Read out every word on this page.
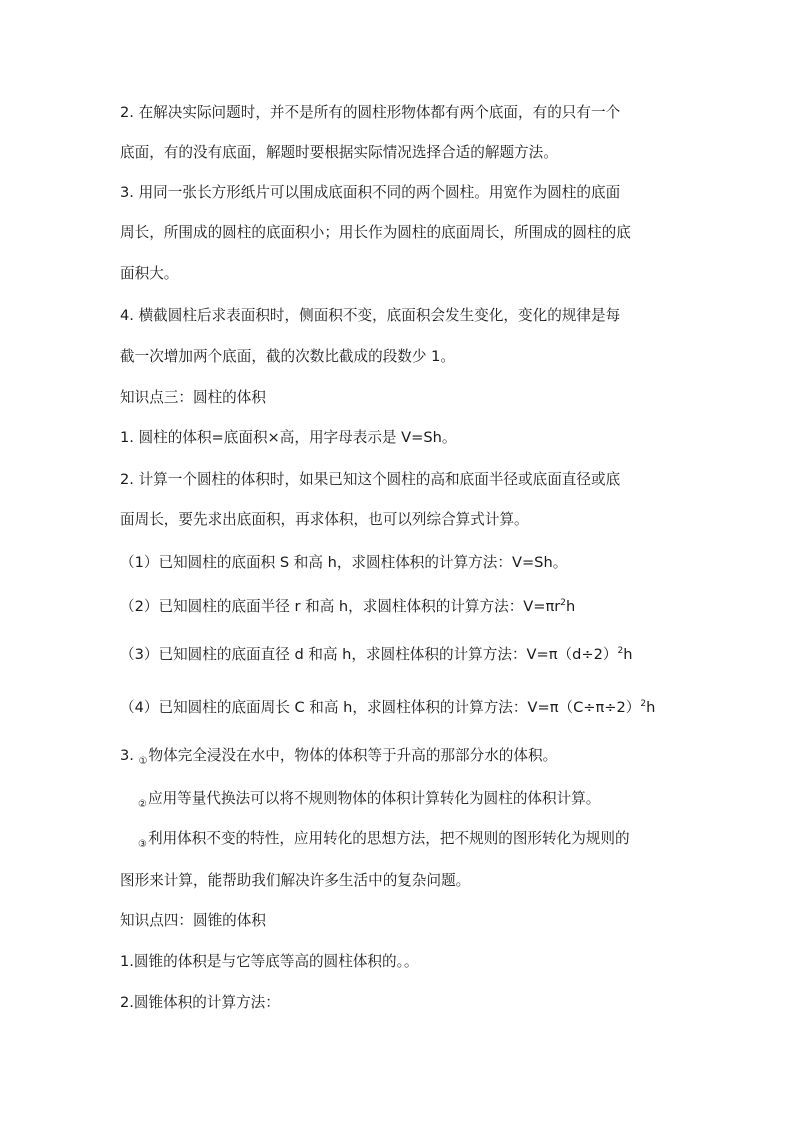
2. 在解决实际问题时，并不是所有的圆柱形物体都有两个底面，有的只有一个
底面，有的没有底面，解题时要根据实际情况选择合适的解题方法。
3. 用同一张长方形纸片可以围成底面积不同的两个圆柱。用宽作为圆柱的底面
周长，所围成的圆柱的底面积小；用长作为圆柱的底面周长，所围成的圆柱的底
面积大。
4. 横截圆柱后求表面积时，侧面积不变，底面积会发生变化，变化的规律是每
截一次增加两个底面，截的次数比截成的段数少 1。
知识点三：圆柱的体积
1. 圆柱的体积=底面积×高，用字母表示是 V=Sh。
2. 计算一个圆柱的体积时，如果已知这个圆柱的高和底面半径或底面直径或底
面周长，要先求出底面积，再求体积，也可以列综合算式计算。
（1）已知圆柱的底面积 S 和高 h，求圆柱体积的计算方法：V=Sh。
（2）已知圆柱的底面半径 r 和高 h，求圆柱体积的计算方法：$V=\pi r^2h$
（3）已知圆柱的底面直径 d 和高 h，求圆柱体积的计算方法：$V=\pi(d\div 2)^2h$
（4）已知圆柱的底面周长 C 和高 h，求圆柱体积的计算方法：$V=\pi(C\div\pi\div 2)^2h$
3. $_①$物体完全浸没在水中，物体的体积等于升高的那部分水的体积。
$_②$应用等量代换法可以将不规则物体的体积计算转化为圆柱的体积计算。
$_③$利用体积不变的特性，应用转化的思想方法，把不规则的图形转化为规则的
图形来计算，能帮助我们解决许多生活中的复杂问题。
知识点四：圆锥的体积
1.圆锥的体积是与它等底等高的圆柱体积的。。
2.圆锥体积的计算方法：
